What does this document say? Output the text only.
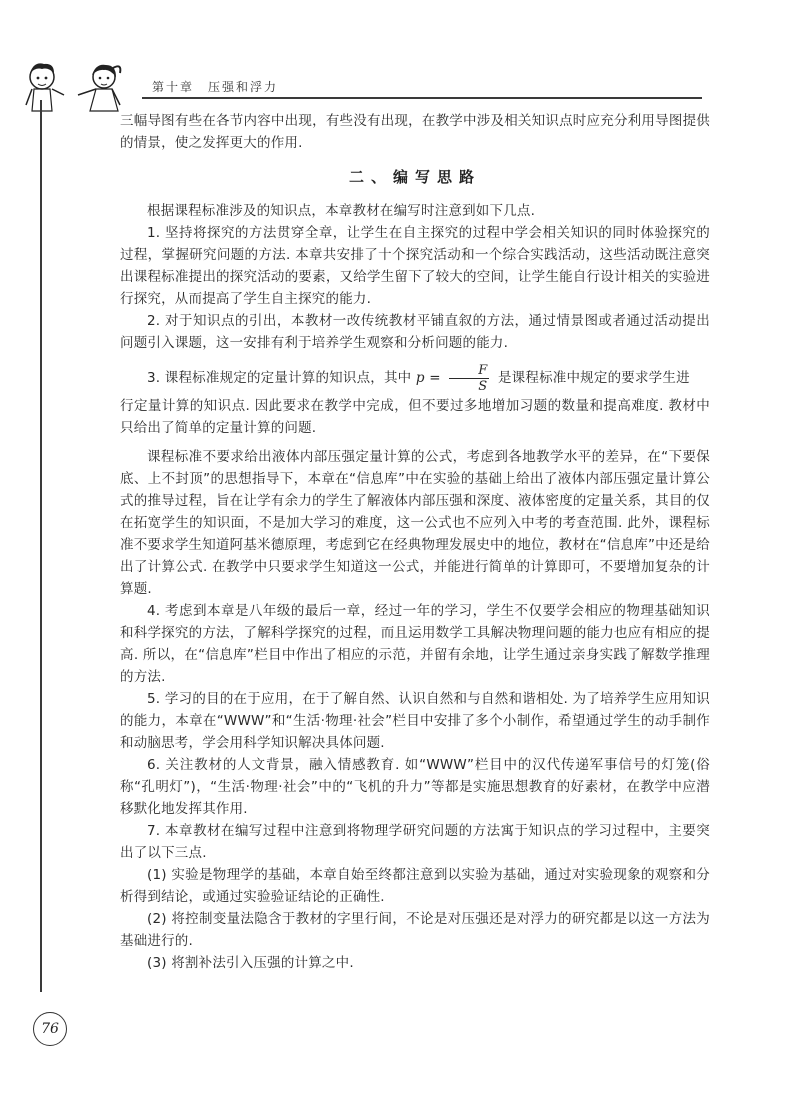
第十章　压强和浮力

三幅导图有些在各节内容中出现，有些没有出现，在教学中涉及相关知识点时应充分利用导图提供的情景，使之发挥更大的作用.

二、编写思路

根据课程标准涉及的知识点，本章教材在编写时注意到如下几点.

1. 坚持将探究的方法贯穿全章，让学生在自主探究的过程中学会相关知识的同时体验探究的过程，掌握研究问题的方法. 本章共安排了十个探究活动和一个综合实践活动，这些活动既注意突出课程标准提出的探究活动的要素，又给学生留下了较大的空间，让学生能自行设计相关的实验进行探究，从而提高了学生自主探究的能力.

2. 对于知识点的引出，本教材一改传统教材平铺直叙的方法，通过情景图或者通过活动提出问题引入课题，这一安排有利于培养学生观察和分析问题的能力.

3. 课程标准规定的定量计算的知识点，其中 $p = \frac{F}{S}$ 是课程标准中规定的要求学生进

行定量计算的知识点. 因此要求在教学中完成，但不要过多地增加习题的数量和提高难度. 教材中只给出了简单的定量计算的问题.

课程标准不要求给出液体内部压强定量计算的公式，考虑到各地教学水平的差异，在“下要保底、上不封顶”的思想指导下，本章在“信息库”中在实验的基础上给出了液体内部压强定量计算公式的推导过程，旨在让学有余力的学生了解液体内部压强和深度、液体密度的定量关系，其目的仅在拓宽学生的知识面，不是加大学习的难度，这一公式也不应列入中考的考查范围. 此外，课程标准不要求学生知道阿基米德原理，考虑到它在经典物理发展史中的地位，教材在“信息库”中还是给出了计算公式. 在教学中只要求学生知道这一公式，并能进行简单的计算即可，不要增加复杂的计算题.

4. 考虑到本章是八年级的最后一章，经过一年的学习，学生不仅要学会相应的物理基础知识和科学探究的方法，了解科学探究的过程，而且运用数学工具解决物理问题的能力也应有相应的提高. 所以，在“信息库”栏目中作出了相应的示范，并留有余地，让学生通过亲身实践了解数学推理的方法.

5. 学习的目的在于应用，在于了解自然、认识自然和与自然和谐相处. 为了培养学生应用知识的能力，本章在“WWW”和“生活·物理·社会”栏目中安排了多个小制作，希望通过学生的动手制作和动脑思考，学会用科学知识解决具体问题.

6. 关注教材的人文背景，融入情感教育. 如“WWW”栏目中的汉代传递军事信号的灯笼(俗称“孔明灯”)，“生活·物理·社会”中的“飞机的升力”等都是实施思想教育的好素材，在教学中应潜移默化地发挥其作用.

7. 本章教材在编写过程中注意到将物理学研究问题的方法寓于知识点的学习过程中，主要突出了以下三点.

(1) 实验是物理学的基础，本章自始至终都注意到以实验为基础，通过对实验现象的观察和分析得到结论，或通过实验验证结论的正确性.

(2) 将控制变量法隐含于教材的字里行间，不论是对压强还是对浮力的研究都是以这一方法为基础进行的.

(3) 将割补法引入压强的计算之中.

76
